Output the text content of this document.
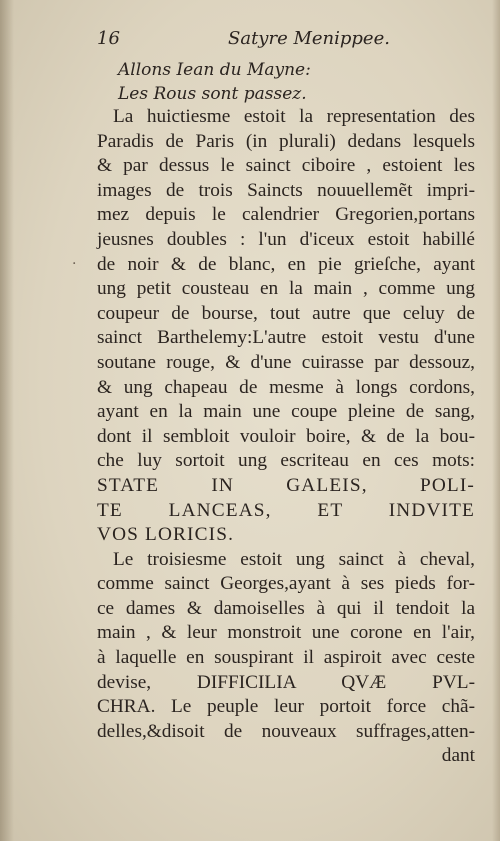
16	Satyre Menippee.
Allons Iean du Mayne:
Les Rous sont passez.
·
La huictiesme estoit la representation des
Paradis de Paris (in plurali) dedans lesquels
& par dessus le sainct ciboire , estoient les
images de trois Saincts nouuellemẽt impri-
mez depuis le calendrier Gregorien,portans
jeusnes doubles : l'un d'iceux estoit habillé
de noir & de blanc, en pie grieſche, ayant
ung petit cousteau en la main , comme ung
coupeur de bourse, tout autre que celuy de
sainct Barthelemy:L'autre estoit vestu d'une
soutane rouge, & d'une cuirasse par dessouz,
& ung chapeau de mesme à longs cordons,
ayant en la main une coupe pleine de sang,
dont il sembloit vouloir boire, & de la bou-
che luy sortoit ung escriteau en ces mots:
STATE IN GALEIS, POLI-
TE LANCEAS, ET INDVITE
VOS LORICIS.
Le troisiesme estoit ung sainct à cheval,
comme sainct Georges,ayant à ses pieds for-
ce dames & damoiselles à qui il tendoit la
main , & leur monstroit une corone en l'air,
à laquelle en souspirant il aspiroit avec ceste
devise, DIFFICILIA QVÆ PVL-
CHRA. Le peuple leur portoit force chã-
delles,&disoit de nouveaux suffrages,atten-
dant
